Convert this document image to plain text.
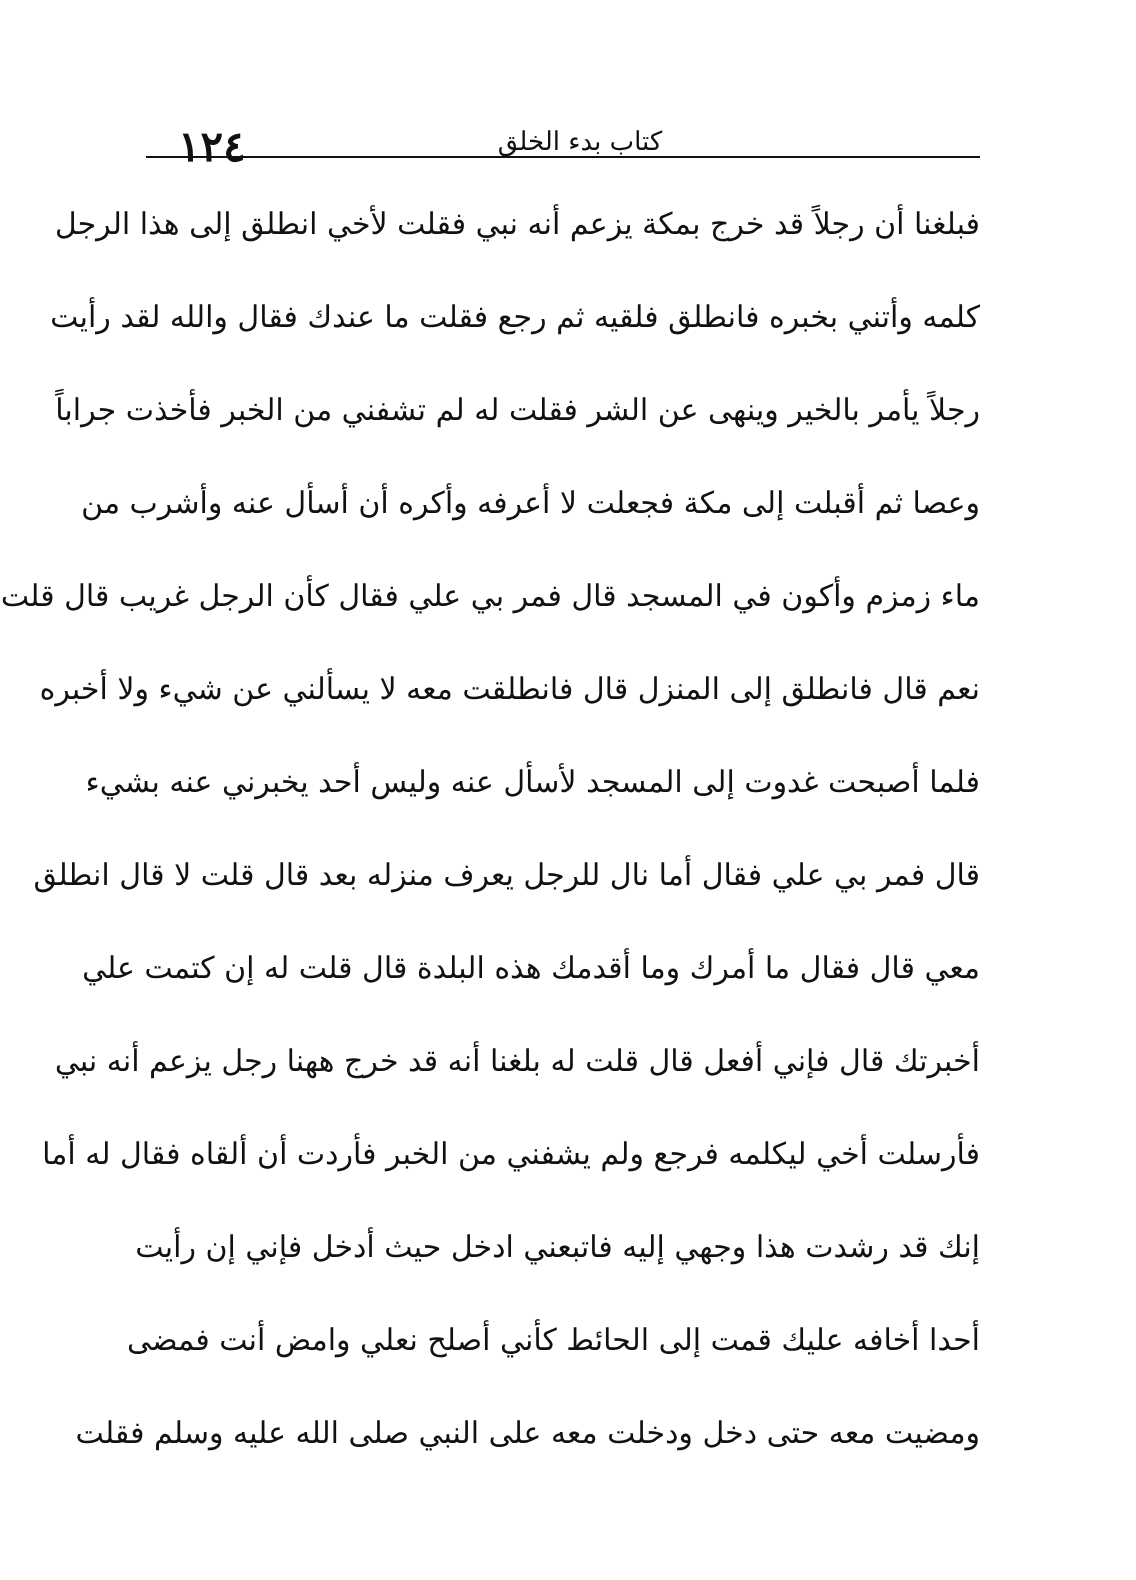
١٢٤	كتاب بدء الخلق
فبلغنا أن رجلاً قد خرج بمكة يزعم أنه نبي فقلت لأخي انطلق إلى هذا الرجل
كلمه وأتني بخبره فانطلق فلقيه ثم رجع فقلت ما عندك فقال والله لقد رأيت
رجلاً يأمر بالخير وينهى عن الشر فقلت له لم تشفني من الخبر فأخذت جراباً
وعصا ثم أقبلت إلى مكة فجعلت لا أعرفه وأكره أن أسأل عنه وأشرب من
ماء زمزم وأكون في المسجد قال فمر بي علي فقال كأن الرجل غريب قال قلت
نعم قال فانطلق إلى المنزل قال فانطلقت معه لا يسألني عن شيء ولا أخبره
فلما أصبحت غدوت إلى المسجد لأسأل عنه وليس أحد يخبرني عنه بشيء
قال فمر بي علي فقال أما نال للرجل يعرف منزله بعد قال قلت لا قال انطلق
معي قال فقال ما أمرك وما أقدمك هذه البلدة قال قلت له إن كتمت علي
أخبرتك قال فإني أفعل قال قلت له بلغنا أنه قد خرج ههنا رجل يزعم أنه نبي
فأرسلت أخي ليكلمه فرجع ولم يشفني من الخبر فأردت أن ألقاه فقال له أما
إنك قد رشدت هذا وجهي إليه فاتبعني ادخل حيث أدخل فإني إن رأيت
أحدا أخافه عليك قمت إلى الحائط كأني أصلح نعلي وامض أنت فمضى
ومضيت معه حتى دخل ودخلت معه على النبي صلى الله عليه وسلم فقلت
